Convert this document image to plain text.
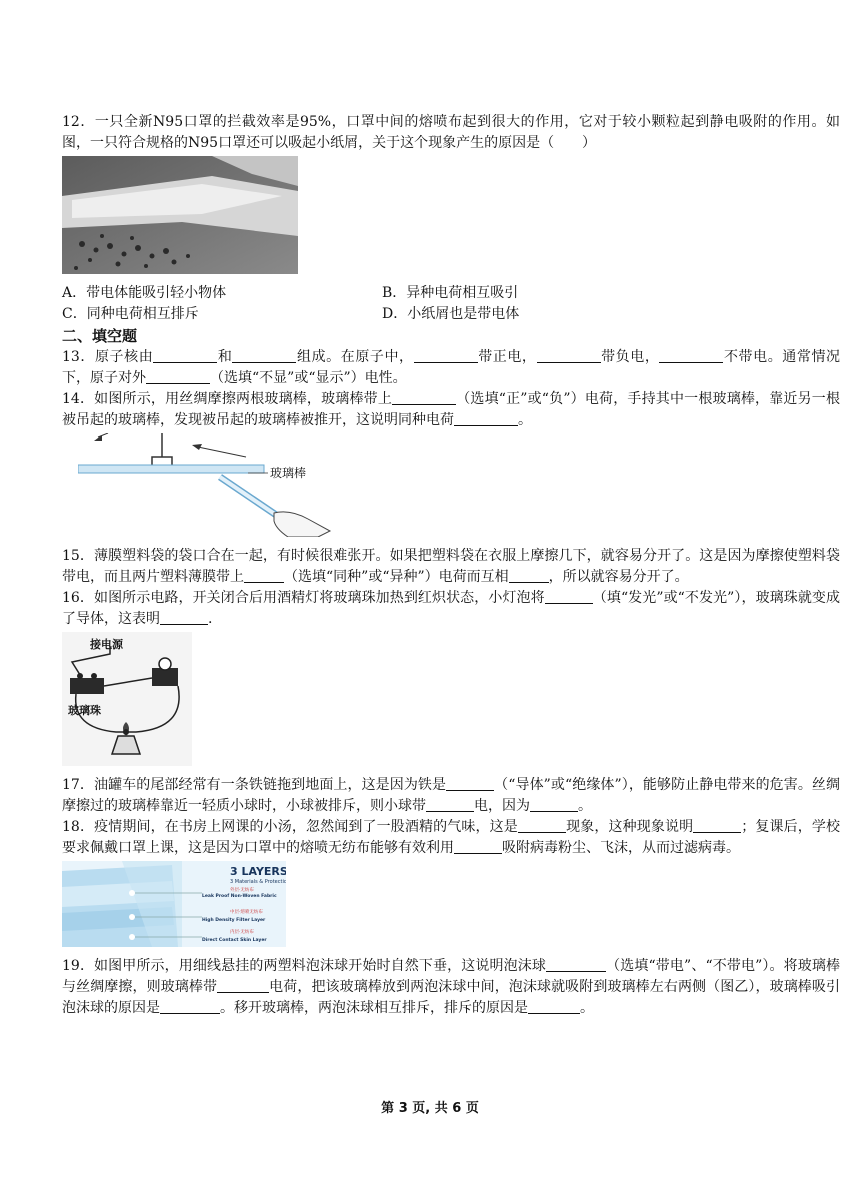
12．一只全新N95口罩的拦截效率是95%，口罩中间的熔喷布起到很大的作用，它对于较小颗粒起到静电吸附的作用。如图，一只符合规格的N95口罩还可以吸起小纸屑，关于这个现象产生的原因是（　　）

A．带电体能吸引轻小物体	B．异种电荷相互吸引
C．同种电荷相互排斥	D．小纸屑也是带电体
二、填空题

13．原子核由	和	组成。在原子中，	带正电，	带负电，	不带电。通常情况下，原子对外	（选填“不显”或“显示”）电性。

14．如图所示，用丝绸摩擦两根玻璃棒，玻璃棒带上	（选填“正”或“负”）电荷，手持其中一根玻璃棒，靠近另一根被吊起的玻璃棒，发现被吊起的玻璃棒被推开，这说明同种电荷	。

玻璃棒

15．薄膜塑料袋的袋口合在一起，有时候很难张开。如果把塑料袋在衣服上摩擦几下，就容易分开了。这是因为摩擦使塑料袋带电，而且两片塑料薄膜带上	（选填“同种”或“异种”）电荷而互相	，所以就容易分开了。

16．如图所示电路，开关闭合后用酒精灯将玻璃珠加热到红炽状态，小灯泡将	（填“发光”或“不发光”），玻璃珠就变成了导体，这表明	.

接电源
玻璃珠

17．油罐车的尾部经常有一条铁链拖到地面上，这是因为铁是	（“导体”或“绝缘体”），能够防止静电带来的危害。丝绸摩擦过的玻璃棒靠近一轻质小球时，小球被排斥，则小球带	电，因为	。

18．疫情期间，在书房上网课的小汤，忽然闻到了一股酒精的气味，这是	现象，这种现象说明	；复课后，学校要求佩戴口罩上课，这是因为口罩中的熔喷无纺布能够有效利用	吸附病毒粉尘、飞沫，从而过滤病毒。

3 LAYERS
3 Materials & Protection
外层·无纺布
Leak Proof Non-Woven Fabric
中层·熔喷无纺布
High Density Filter Layer
内层·无纺布
Direct Contact Skin Layer

19．如图甲所示，用细线悬挂的两塑料泡沫球开始时自然下垂，这说明泡沫球	（选填“带电”、“不带电”）。将玻璃棒与丝绸摩擦，则玻璃棒带	电荷，把该玻璃棒放到两泡沫球中间，泡沫球就吸附到玻璃棒左右两侧（图乙），玻璃棒吸引泡沫球的原因是	。移开玻璃棒，两泡沫球相互排斥，排斥的原因是	。

第 3 页, 共 6 页
